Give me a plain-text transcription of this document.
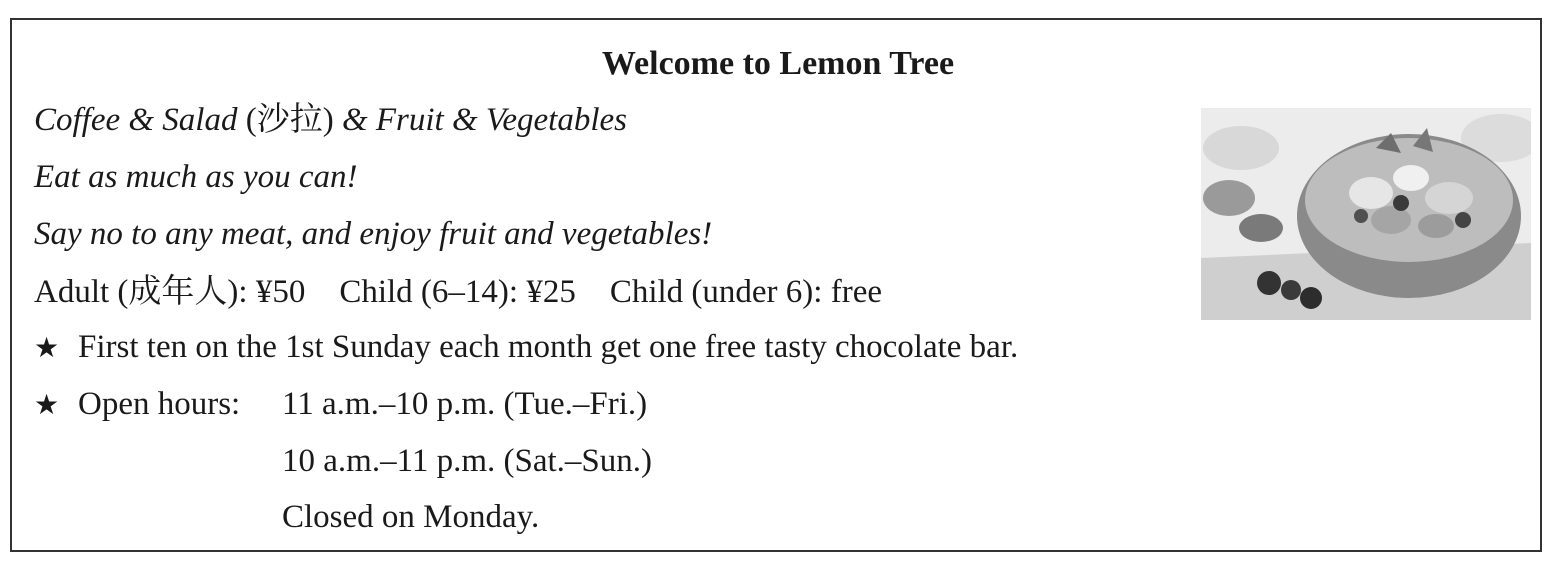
Welcome to Lemon Tree
Coffee & Salad (沙拉) & Fruit & Vegetables
Eat as much as you can!
Say no to any meat, and enjoy fruit and vegetables!
Adult (成年人): ¥50 Child (6–14): ¥25 Child (under 6): free
★ First ten on the 1st Sunday each month get one free tasty chocolate bar.
★ Open hours: 11 a.m.–10 p.m. (Tue.–Fri.)
10 a.m.–11 p.m. (Sat.–Sun.)
Closed on Monday.
